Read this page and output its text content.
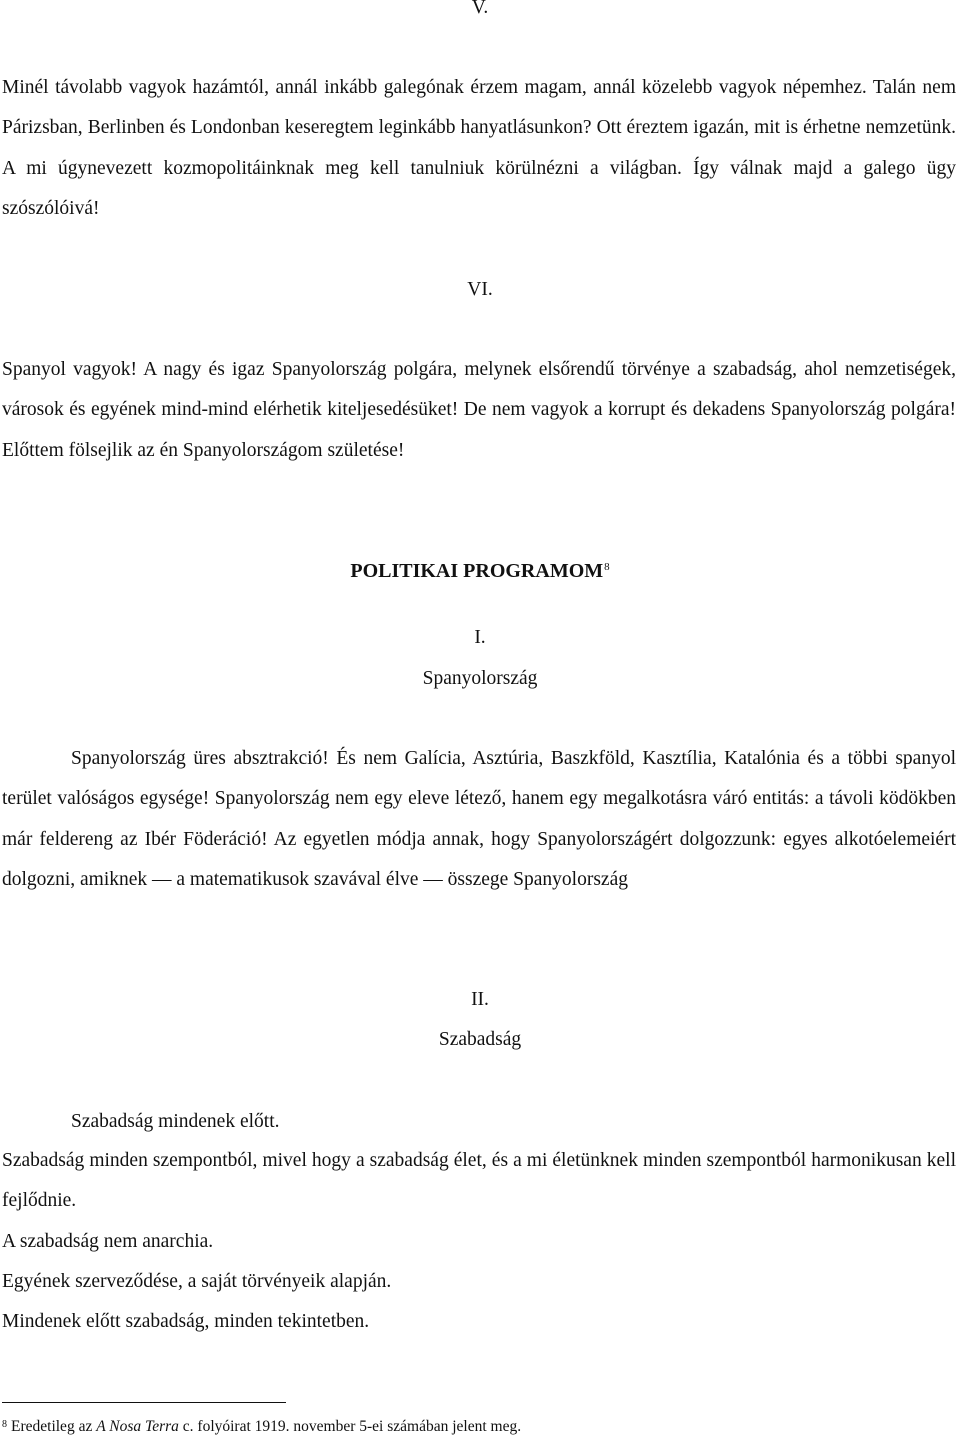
V.

Minél távolabb vagyok hazámtól, annál inkább galegónak érzem magam, annál közelebb vagyok népemhez. Talán nem Párizsban, Berlinben és Londonban keseregtem leginkább hanyatlásunkon? Ott éreztem igazán, mit is érhetne nemzetünk. A mi úgynevezett kozmopolitáinknak meg kell tanulniuk körülnézni a világban. Így válnak majd a galego ügy szószólóivá!

VI.

Spanyol vagyok! A nagy és igaz Spanyolország polgára, melynek elsőrendű törvénye a szabadság, ahol nemzetiségek, városok és egyének mind-mind elérhetik kiteljesedésüket! De nem vagyok a korrupt és dekadens Spanyolország polgára! Előttem fölsejlik az én Spanyolországom születése!

POLITIKAI PROGRAMOM$^8$
I.
Spanyolország

Spanyolország üres absztrakció! És nem Galícia, Asztúria, Baszkföld, Kasztília, Katalónia és a többi spanyol terület valóságos egysége! Spanyolország nem egy eleve létező, hanem egy megalkotásra váró entitás: a távoli ködökben már feldereng az Ibér Föderáció! Az egyetlen módja annak, hogy Spanyolországért dolgozzunk: egyes alkotóelemeiért dolgozni, amiknek — a matematikusok szavával élve — összege Spanyolország

II.
Szabadság
Szabadság mindenek előtt.

Szabadság minden szempontból, mivel hogy a szabadság élet, és a mi életünknek minden szempontból harmonikusan kell fejlődnie.

A szabadság nem anarchia.
Egyének szerveződése, a saját törvényeik alapján.
Mindenek előtt szabadság, minden tekintetben.
$^8$ Eredetileg az A Nosa Terra c. folyóirat 1919. november 5-ei számában jelent meg.
